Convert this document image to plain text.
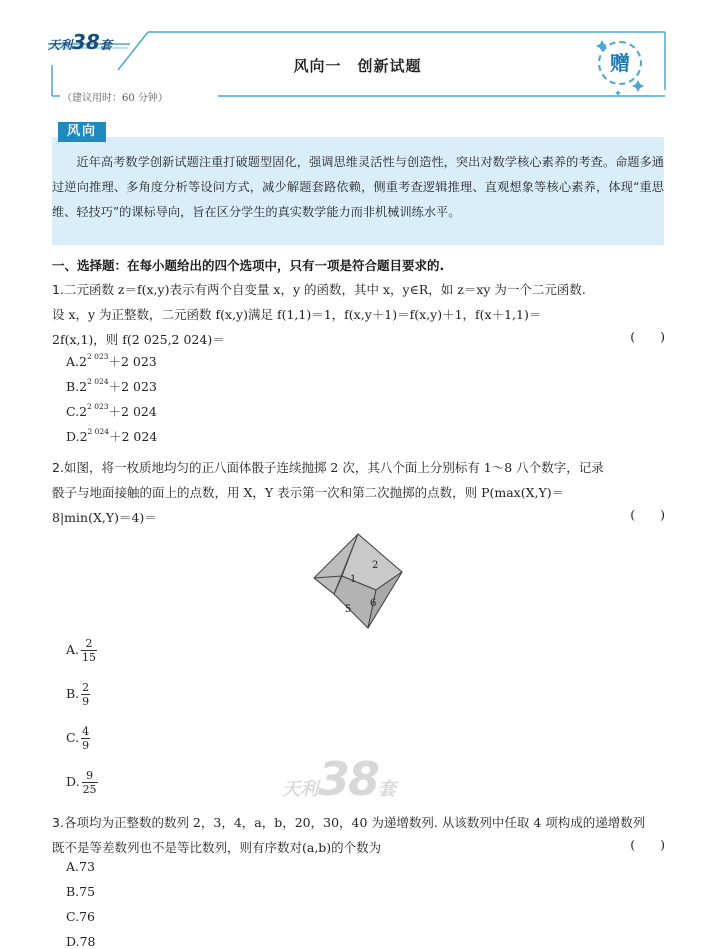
天利38套
风向一　创新试题
（建议用时：60 分钟）
赠
风向
近年高考数学创新试题注重打破题型固化，强调思维灵活性与创造性，突出对数学核心素养的考查。命题多通过逆向推理、多角度分析等设问方式，减少解题套路依赖，侧重考查逻辑推理、直观想象等核心素养，体现“重思维、轻技巧”的课标导向，旨在区分学生的真实数学能力而非机械训练水平。
一、选择题：在每小题给出的四个选项中，只有一项是符合题目要求的.
1.二元函数 z＝f(x,y)表示有两个自变量 x，y 的函数，其中 x，y∈R，如 z＝xy 为一个二元函数.
设 x，y 为正整数，二元函数 f(x,y)满足 f(1,1)＝1，f(x,y＋1)＝f(x,y)＋1，f(x＋1,1)＝
2f(x,1)，则 f(2 025,2 024)＝	(　　)
$A.2^{2 023}+2$ 023
$B.2^{2 024}+2$ 023
$C.2^{2 023}+2$ 024
$D.2^{2 024}+2$ 024
2.如图，将一枚质地均匀的正八面体骰子连续抛掷 2 次，其八个面上分别标有 1～8 八个数字，记录
骰子与地面接触的面上的点数，用 X，Y 表示第一次和第二次抛掷的点数，则 P(max(X,Y)＝
8|min(X,Y)＝4)＝	(　　)
1
2
5
6
A. $\frac{2}{15}$
B. $\frac{2}{9}$
C. $\frac{4}{9}$
D. $\frac{9}{25}$	天利38套
3.各项均为正整数的数列 2，3，4，a，b，20，30，40 为递增数列. 从该数列中任取 4 项构成的递增数列
既不是等差数列也不是等比数列，则有序数对(a,b)的个数为	(　　)
A.73
B.75
C.76
D.78
